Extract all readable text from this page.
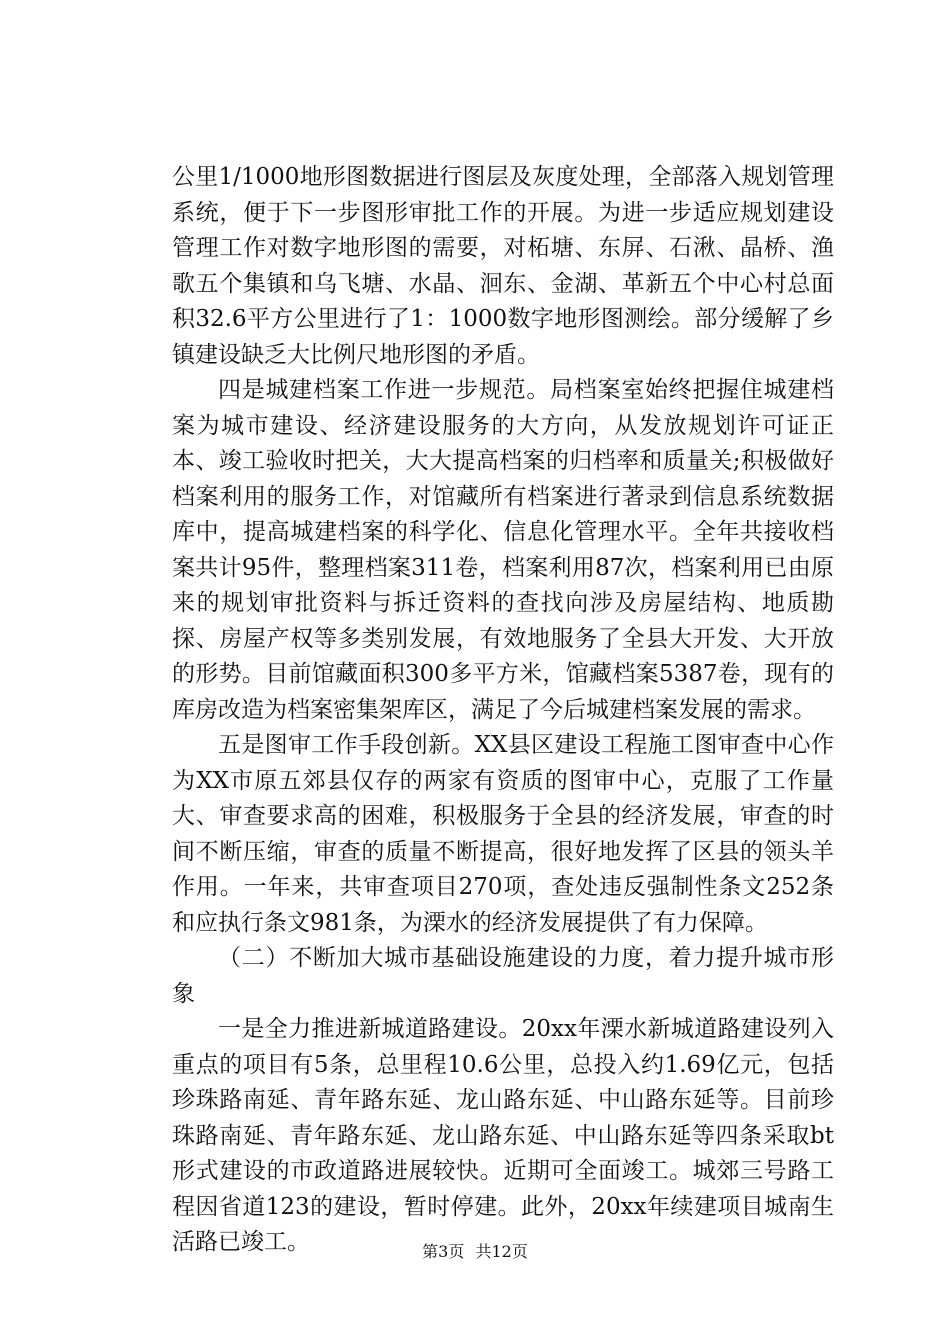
公里1/1000地形图数据进行图层及灰度处理，全部落入规划管理系统，便于下一步图形审批工作的开展。为进一步适应规划建设管理工作对数字地形图的需要，对柘塘、东屏、石湫、晶桥、渔歌五个集镇和乌飞塘、水晶、洄东、金湖、革新五个中心村总面积32.6平方公里进行了1：1000数字地形图测绘。部分缓解了乡镇建设缺乏大比例尺地形图的矛盾。

四是城建档案工作进一步规范。局档案室始终把握住城建档案为城市建设、经济建设服务的大方向，从发放规划许可证正本、竣工验收时把关，大大提高档案的归档率和质量关;积极做好档案利用的服务工作，对馆藏所有档案进行著录到信息系统数据库中，提高城建档案的科学化、信息化管理水平。全年共接收档案共计95件，整理档案311卷，档案利用87次，档案利用已由原来的规划审批资料与拆迁资料的查找向涉及房屋结构、地质勘探、房屋产权等多类别发展，有效地服务了全县大开发、大开放的形势。目前馆藏面积300多平方米，馆藏档案5387卷，现有的库房改造为档案密集架库区，满足了今后城建档案发展的需求。

五是图审工作手段创新。XX县区建设工程施工图审查中心作为XX市原五郊县仅存的两家有资质的图审中心，克服了工作量大、审查要求高的困难，积极服务于全县的经济发展，审查的时间不断压缩，审查的质量不断提高，很好地发挥了区县的领头羊作用。一年来，共审查项目270项，查处违反强制性条文252条和应执行条文981条，为溧水的经济发展提供了有力保障。

（二）不断加大城市基础设施建设的力度，着力提升城市形象

一是全力推进新城道路建设。20xx年溧水新城道路建设列入重点的项目有5条，总里程10.6公里，总投入约1.69亿元，包括珍珠路南延、青年路东延、龙山路东延、中山路东延等。目前珍珠路南延、青年路东延、龙山路东延、中山路东延等四条采取bt形式建设的市政道路进展较快。近期可全面竣工。城郊三号路工程因省道123的建设，暂时停建。此外，20xx年续建项目城南生活路已竣工。	第3页 共12页
